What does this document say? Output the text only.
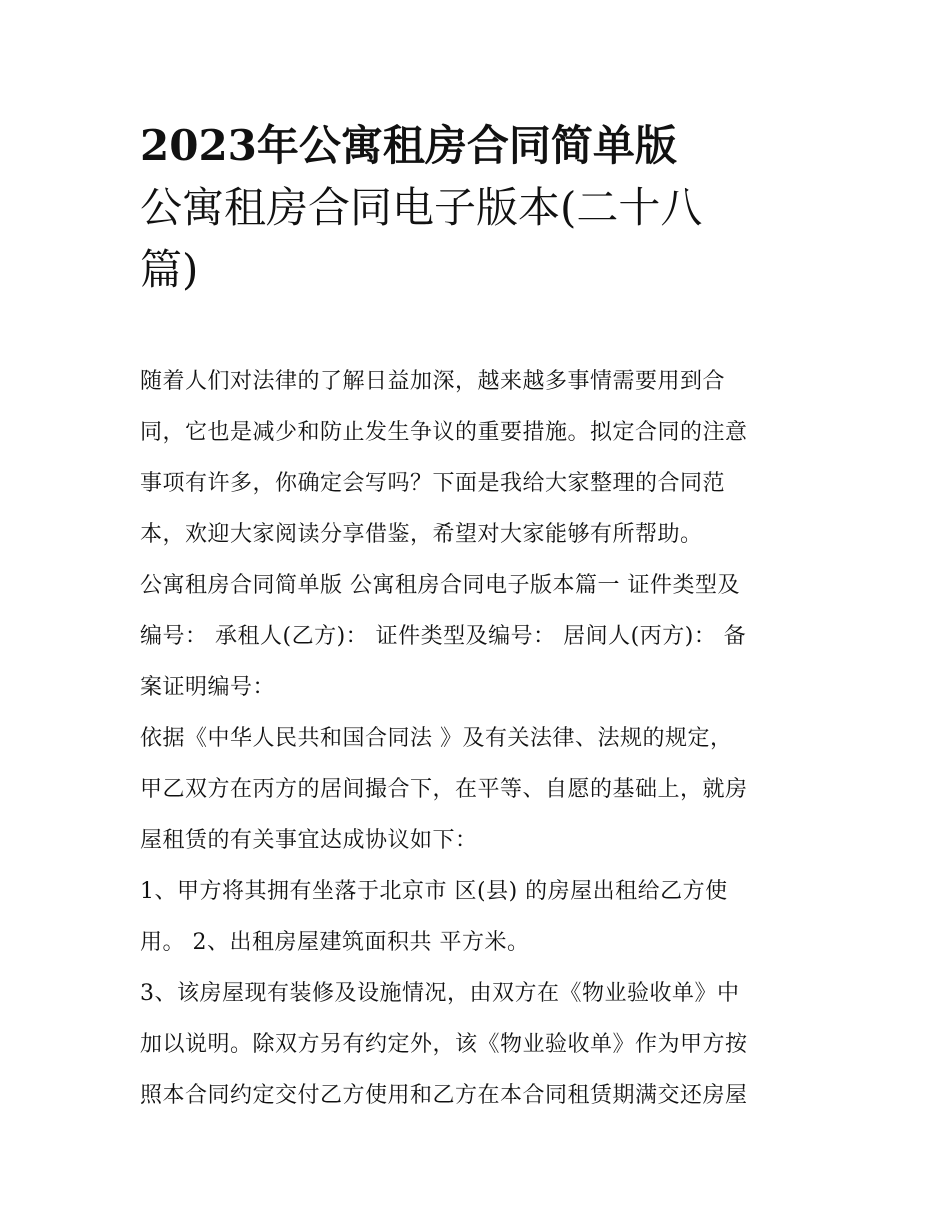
2023年公寓租房合同简单版
公寓租房合同电子版本(二十八
篇)
随着人们对法律的了解日益加深，越来越多事情需要用到合
同，它也是减少和防止发生争议的重要措施。拟定合同的注意
事项有许多，你确定会写吗？下面是我给大家整理的合同范
本，欢迎大家阅读分享借鉴，希望对大家能够有所帮助。
公寓租房合同简单版 公寓租房合同电子版本篇一 证件类型及
编号： 承租人(乙方)： 证件类型及编号： 居间人(丙方)： 备
案证明编号：
依据《中华人民共和国合同法 》及有关法律、法规的规定，
甲乙双方在丙方的居间撮合下，在平等、自愿的基础上，就房
屋租赁的有关事宜达成协议如下：
1、甲方将其拥有坐落于北京市 区(县) 的房屋出租给乙方使
用。 2、出租房屋建筑面积共 平方米。
3、该房屋现有装修及设施情况，由双方在《物业验收单》中
加以说明。除双方另有约定外，该《物业验收单》作为甲方按
照本合同约定交付乙方使用和乙方在本合同租赁期满交还房屋
